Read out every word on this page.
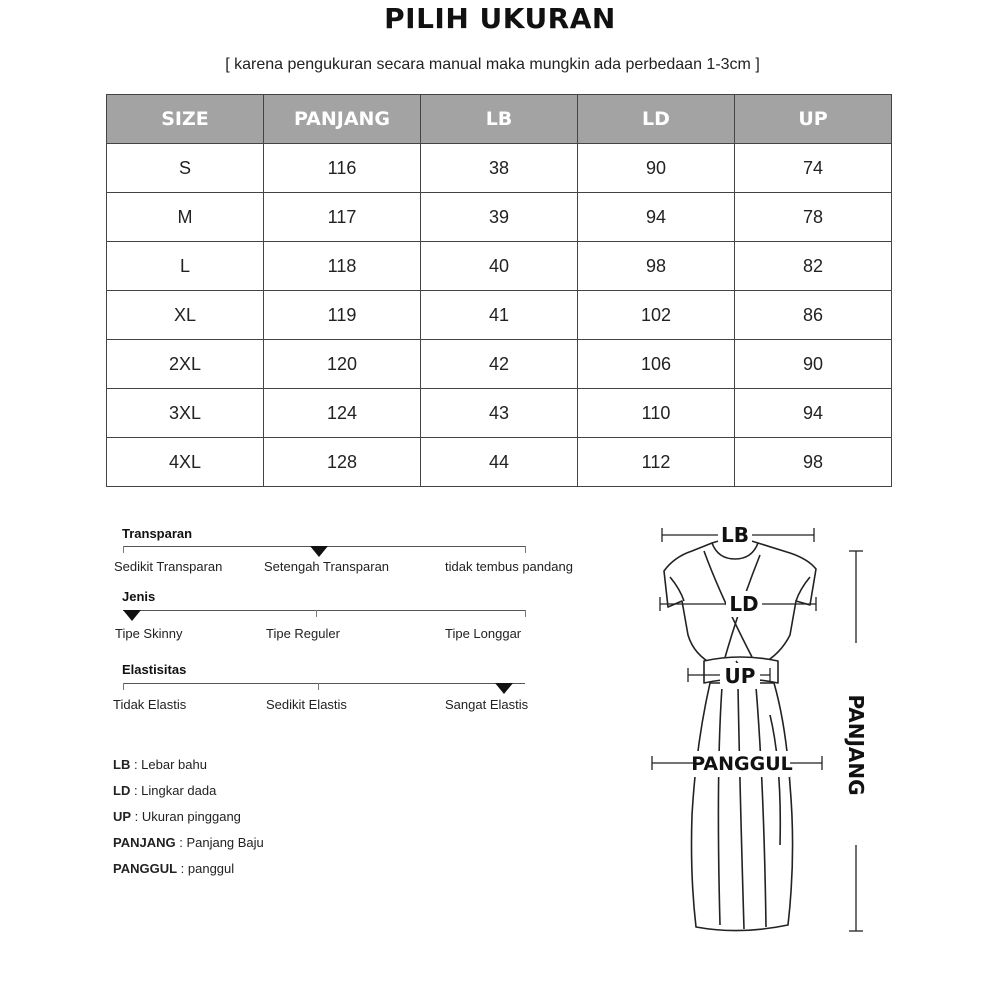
PILIH UKURAN
[ karena pengukuran secara manual maka mungkin ada perbedaan 1-3cm ]
SIZE	PANJANG	LB	LD	UP
S	116	38	90	74
M	117	39	94	78
L	118	40	98	82
XL	119	41	102	86
2XL	120	42	106	90
3XL	124	43	110	94
4XL	128	44	112	98
Transparan
Sedikit Transparan	Setengah Transparan	tidak tembus pandang
Jenis
Tipe Skinny	Tipe Reguler	Tipe Longgar
Elastisitas
Tidak Elastis	Sedikit Elastis	Sangat Elastis
LB : Lebar bahu
LD : Lingkar dada
UP : Ukuran pinggang
PANJANG : Panjang Baju
PANGGUL : panggul
LB
LD
UP
PANGGUL	PANJANG
